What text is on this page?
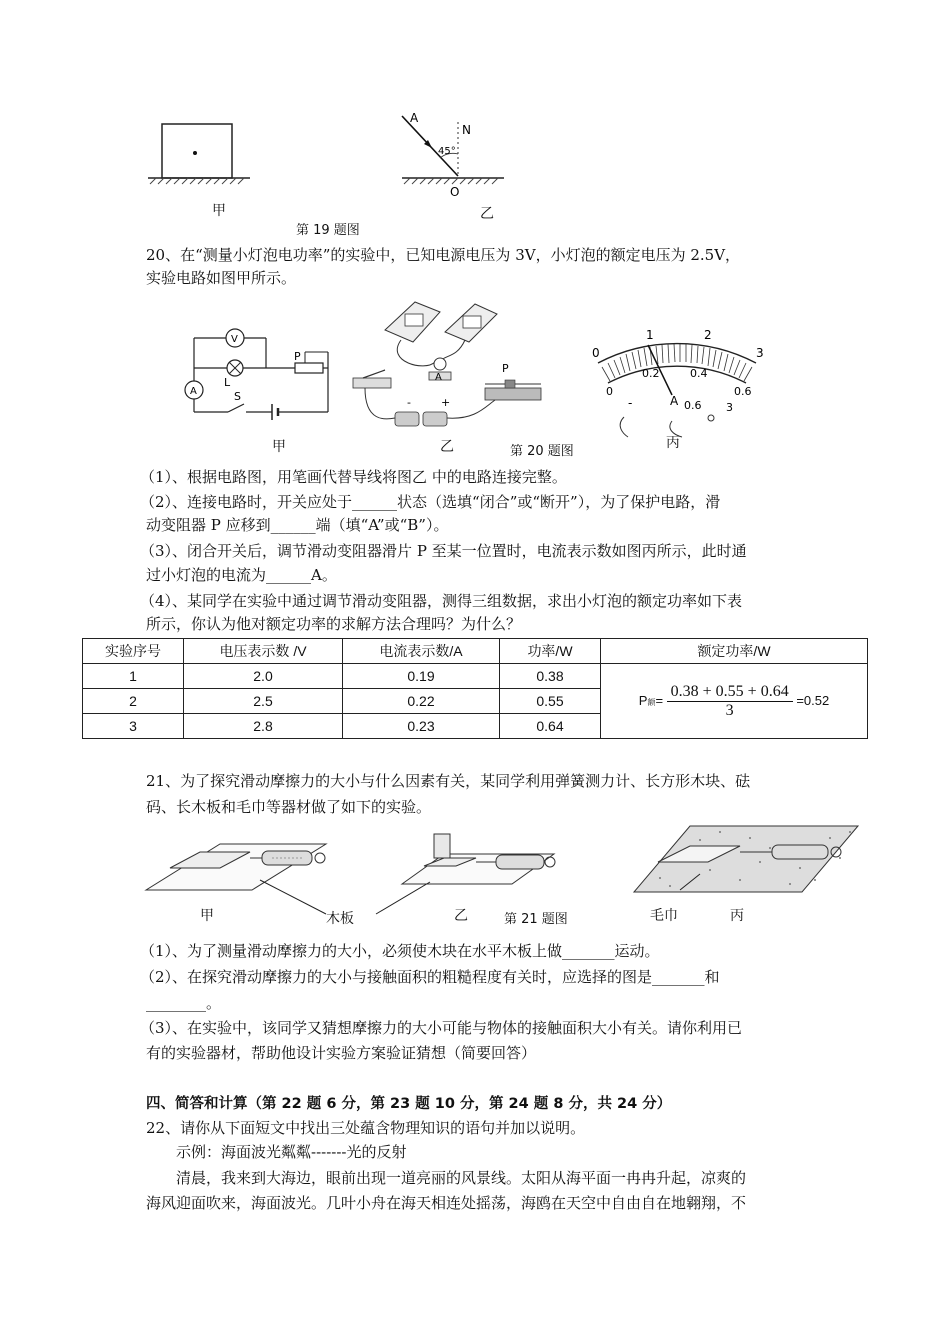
A
N
45°
O
甲	乙
第 19 题图
20、在“测量小灯泡电功率”的实验中，已知电源电压为 3V，小灯泡的额定电压为 2.5V，
实验电路如图甲所示。
V
L
P
A	S
甲
A
-	+
P
乙	第 20 题图
0
1	2
3
0
0.2	0.4
0.6
A
-	0.6 3
丙
（1）、根据电路图，用笔画代替导线将图乙 中的电路连接完整。
（2）、连接电路时，开关应处于______状态（选填“闭合”或“断开”），为了保护电路，滑
动变阻器 P 应移到______端（填“A”或“B”）。
（3）、闭合开关后，调节滑动变阻器滑片 P 至某一位置时，电流表示数如图丙所示，此时通
过小灯泡的电流为______A。
（4）、某同学在实验中通过调节滑动变阻器，测得三组数据，求出小灯泡的额定功率如下表
所示，你认为他对额定功率的求解方法合理吗？为什么？
实验序号	电压表示数 /V	电流表示数/A	功率/W	额定功率/W
1	2.0	0.19	0.38	P额= $\frac{0.38 + 0.55 + 0.64}{3} =0.52$
2	2.5	0.22	0.55	
3	2.8	0.23	0.64	
21、为了探究滑动摩擦力的大小与什么因素有关，某同学利用弹簧测力计、长方形木块、砝
码、长木板和毛巾等器材做了如下的实验。
甲	木板	乙	第 21 题图	毛巾	丙
（1）、为了测量滑动摩擦力的大小，必须使木块在水平木板上做_______运动。
（2）、在探究滑动摩擦力的大小与接触面积的粗糙程度有关时，应选择的图是_______和
________。
（3）、在实验中，该同学又猜想摩擦力的大小可能与物体的接触面积大小有关。请你利用已
有的实验器材，帮助他设计实验方案验证猜想（简要回答）
四、简答和计算（第 22 题 6 分，第 23 题 10 分，第 24 题 8 分，共 24 分）
22、请你从下面短文中找出三处蕴含物理知识的语句并加以说明。
示例：海面波光粼粼-------光的反射
清晨，我来到大海边，眼前出现一道亮丽的风景线。太阳从海平面一冉冉升起，凉爽的
海风迎面吹来，海面波光。几叶小舟在海天相连处摇荡，海鸥在天空中自由自在地翱翔，不
